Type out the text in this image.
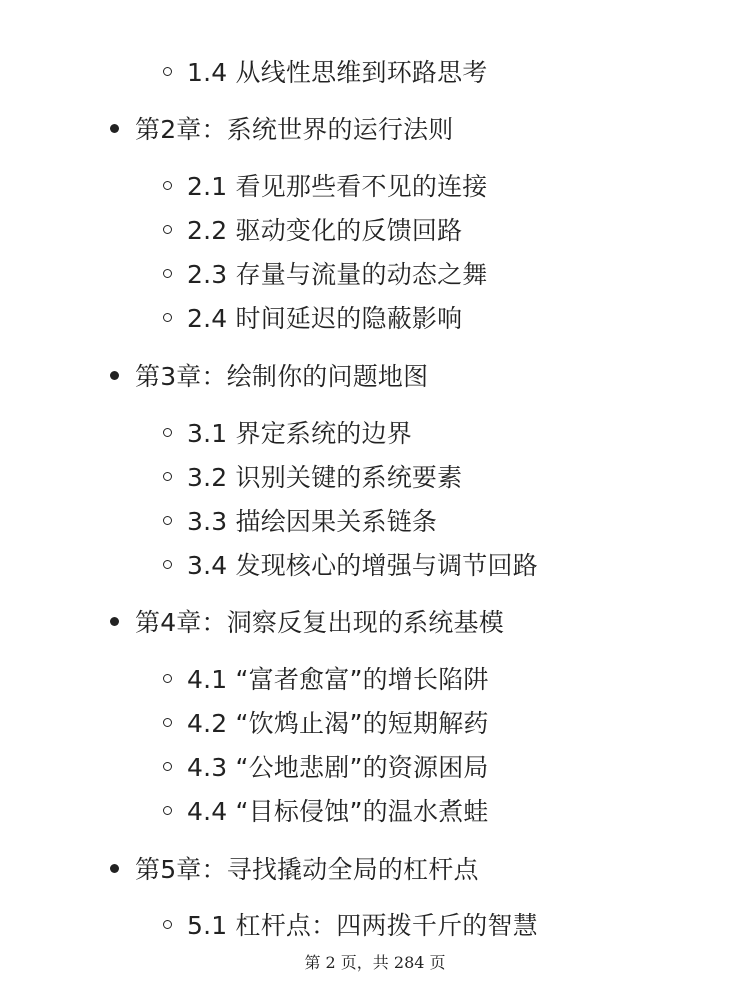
1.4 从线性思维到环路思考
第2章：系统世界的运行法则
2.1 看见那些看不见的连接
2.2 驱动变化的反馈回路
2.3 存量与流量的动态之舞
2.4 时间延迟的隐蔽影响
第3章：绘制你的问题地图
3.1 界定系统的边界
3.2 识别关键的系统要素
3.3 描绘因果关系链条
3.4 发现核心的增强与调节回路
第4章：洞察反复出现的系统基模
4.1 “富者愈富”的增长陷阱
4.2 “饮鸩止渴”的短期解药
4.3 “公地悲剧”的资源困局
4.4 “目标侵蚀”的温水煮蛙
第5章：寻找撬动全局的杠杆点
5.1 杠杆点：四两拨千斤的智慧
第 2 页，共 284 页
